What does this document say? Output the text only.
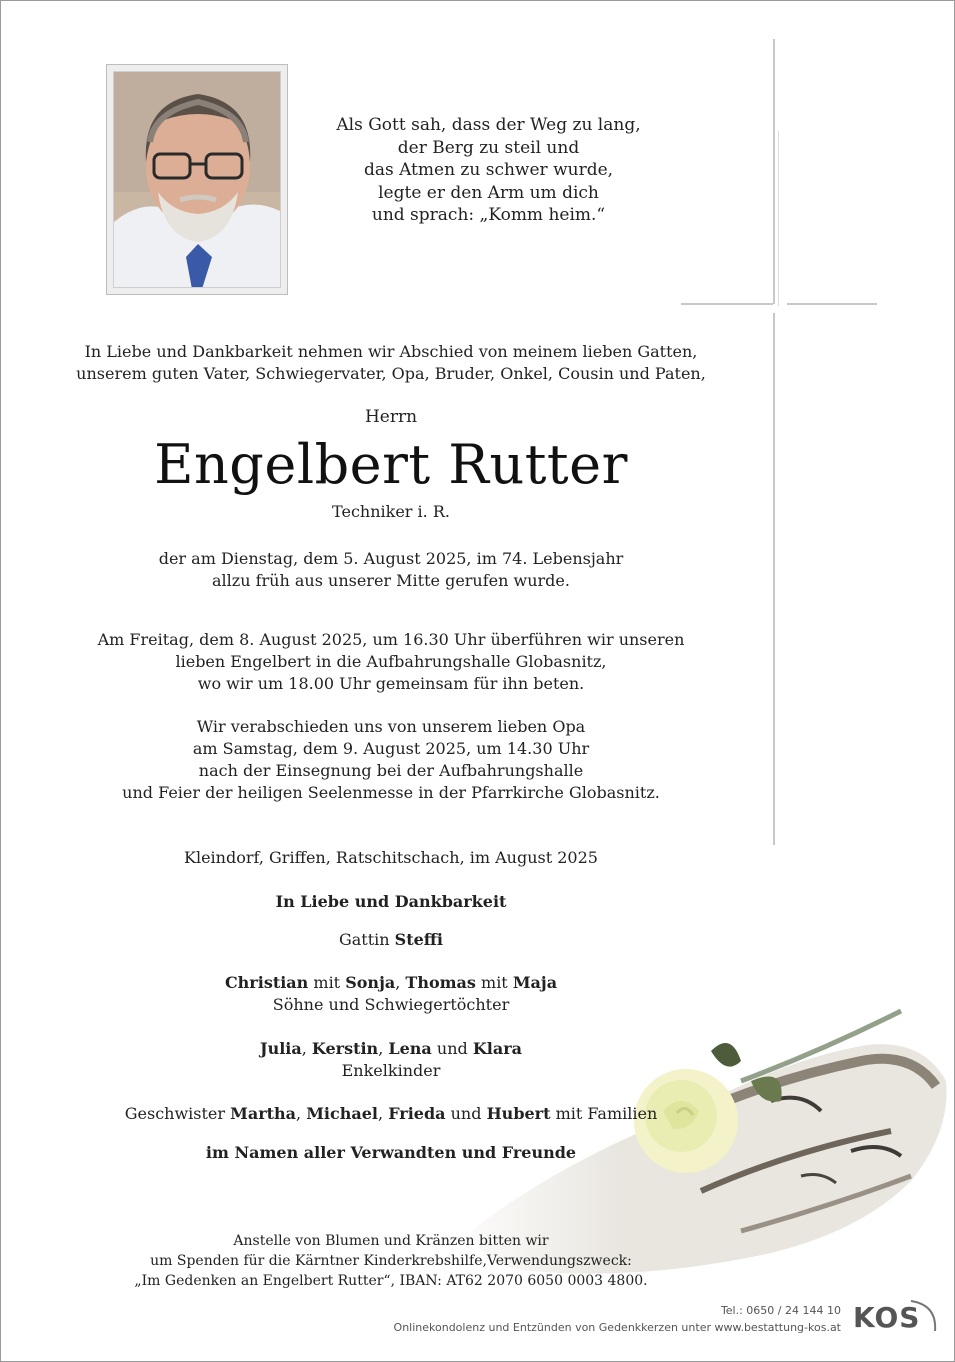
Als Gott sah, dass der Weg zu lang,
der Berg zu steil und
das Atmen zu schwer wurde,
legte er den Arm um dich
und sprach: „Komm heim.“
In Liebe und Dankbarkeit nehmen wir Abschied von meinem lieben Gatten,
unserem guten Vater, Schwiegervater, Opa, Bruder, Onkel, Cousin und Paten,
Herrn
Engelbert Rutter
Techniker i. R.
der am Dienstag, dem 5. August 2025, im 74. Lebensjahr
allzu früh aus unserer Mitte gerufen wurde.
Am Freitag, dem 8. August 2025, um 16.30 Uhr überführen wir unseren
lieben Engelbert in die Aufbahrungshalle Globasnitz,
wo wir um 18.00 Uhr gemeinsam für ihn beten.
Wir verabschieden uns von unserem lieben Opa
am Samstag, dem 9. August 2025, um 14.30 Uhr
nach der Einsegnung bei der Aufbahrungshalle
und Feier der heiligen Seelenmesse in der Pfarrkirche Globasnitz.
Kleindorf, Griffen, Ratschitschach, im August 2025
In Liebe und Dankbarkeit
Gattin Steffi
Christian mit Sonja, Thomas mit Maja
Söhne und Schwiegertöchter
Julia, Kerstin, Lena und Klara
Enkelkinder
Geschwister Martha, Michael, Frieda und Hubert mit Familien
im Namen aller Verwandten und Freunde
Anstelle von Blumen und Kränzen bitten wir
um Spenden für die Kärntner Kinderkrebshilfe,Verwendungszweck:
„Im Gedenken an Engelbert Rutter“, IBAN: AT62 2070 6050 0003 4800.
Tel.: 0650 / 24 144 10
Onlinekondolenz und Entzünden von Gedenkkerzen unter www.bestattung-kos.at KOS
